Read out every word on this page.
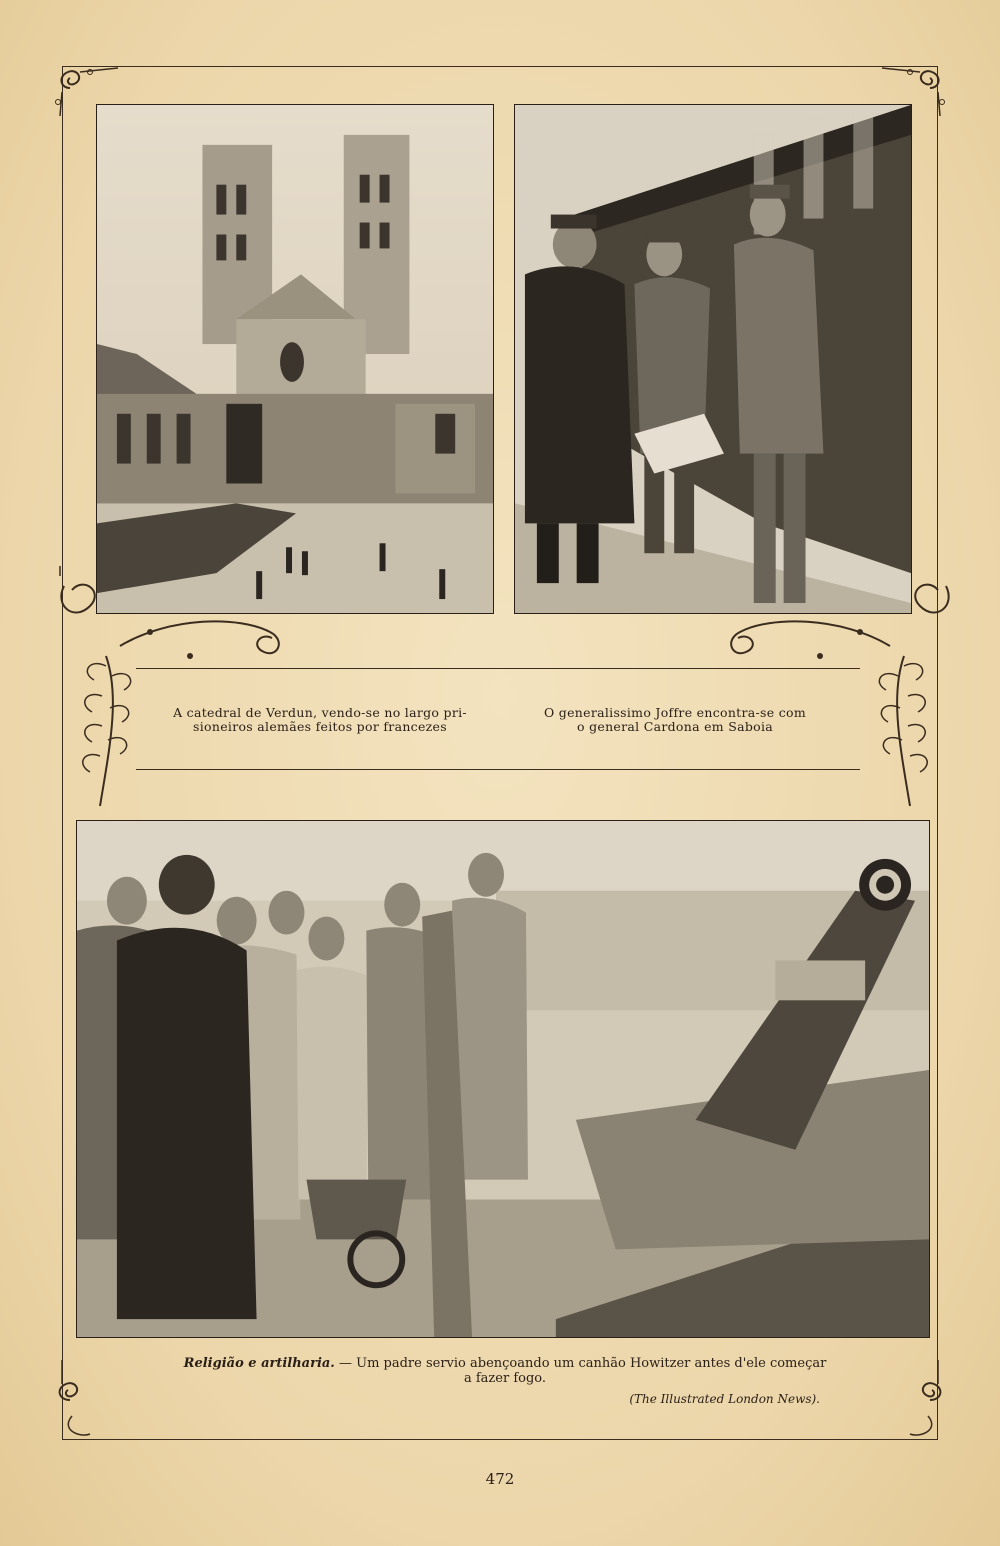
A catedral de Verdun, vendo-se no largo pri-
sioneiros alemães feitos por francezes
O generalissimo Joffre encontra-se com
o general Cardona em Saboia
Religião e artilharia. — Um padre servio abençoando um canhão Howitzer antes d'ele começar
a fazer fogo.
(The Illustrated London News).
472
